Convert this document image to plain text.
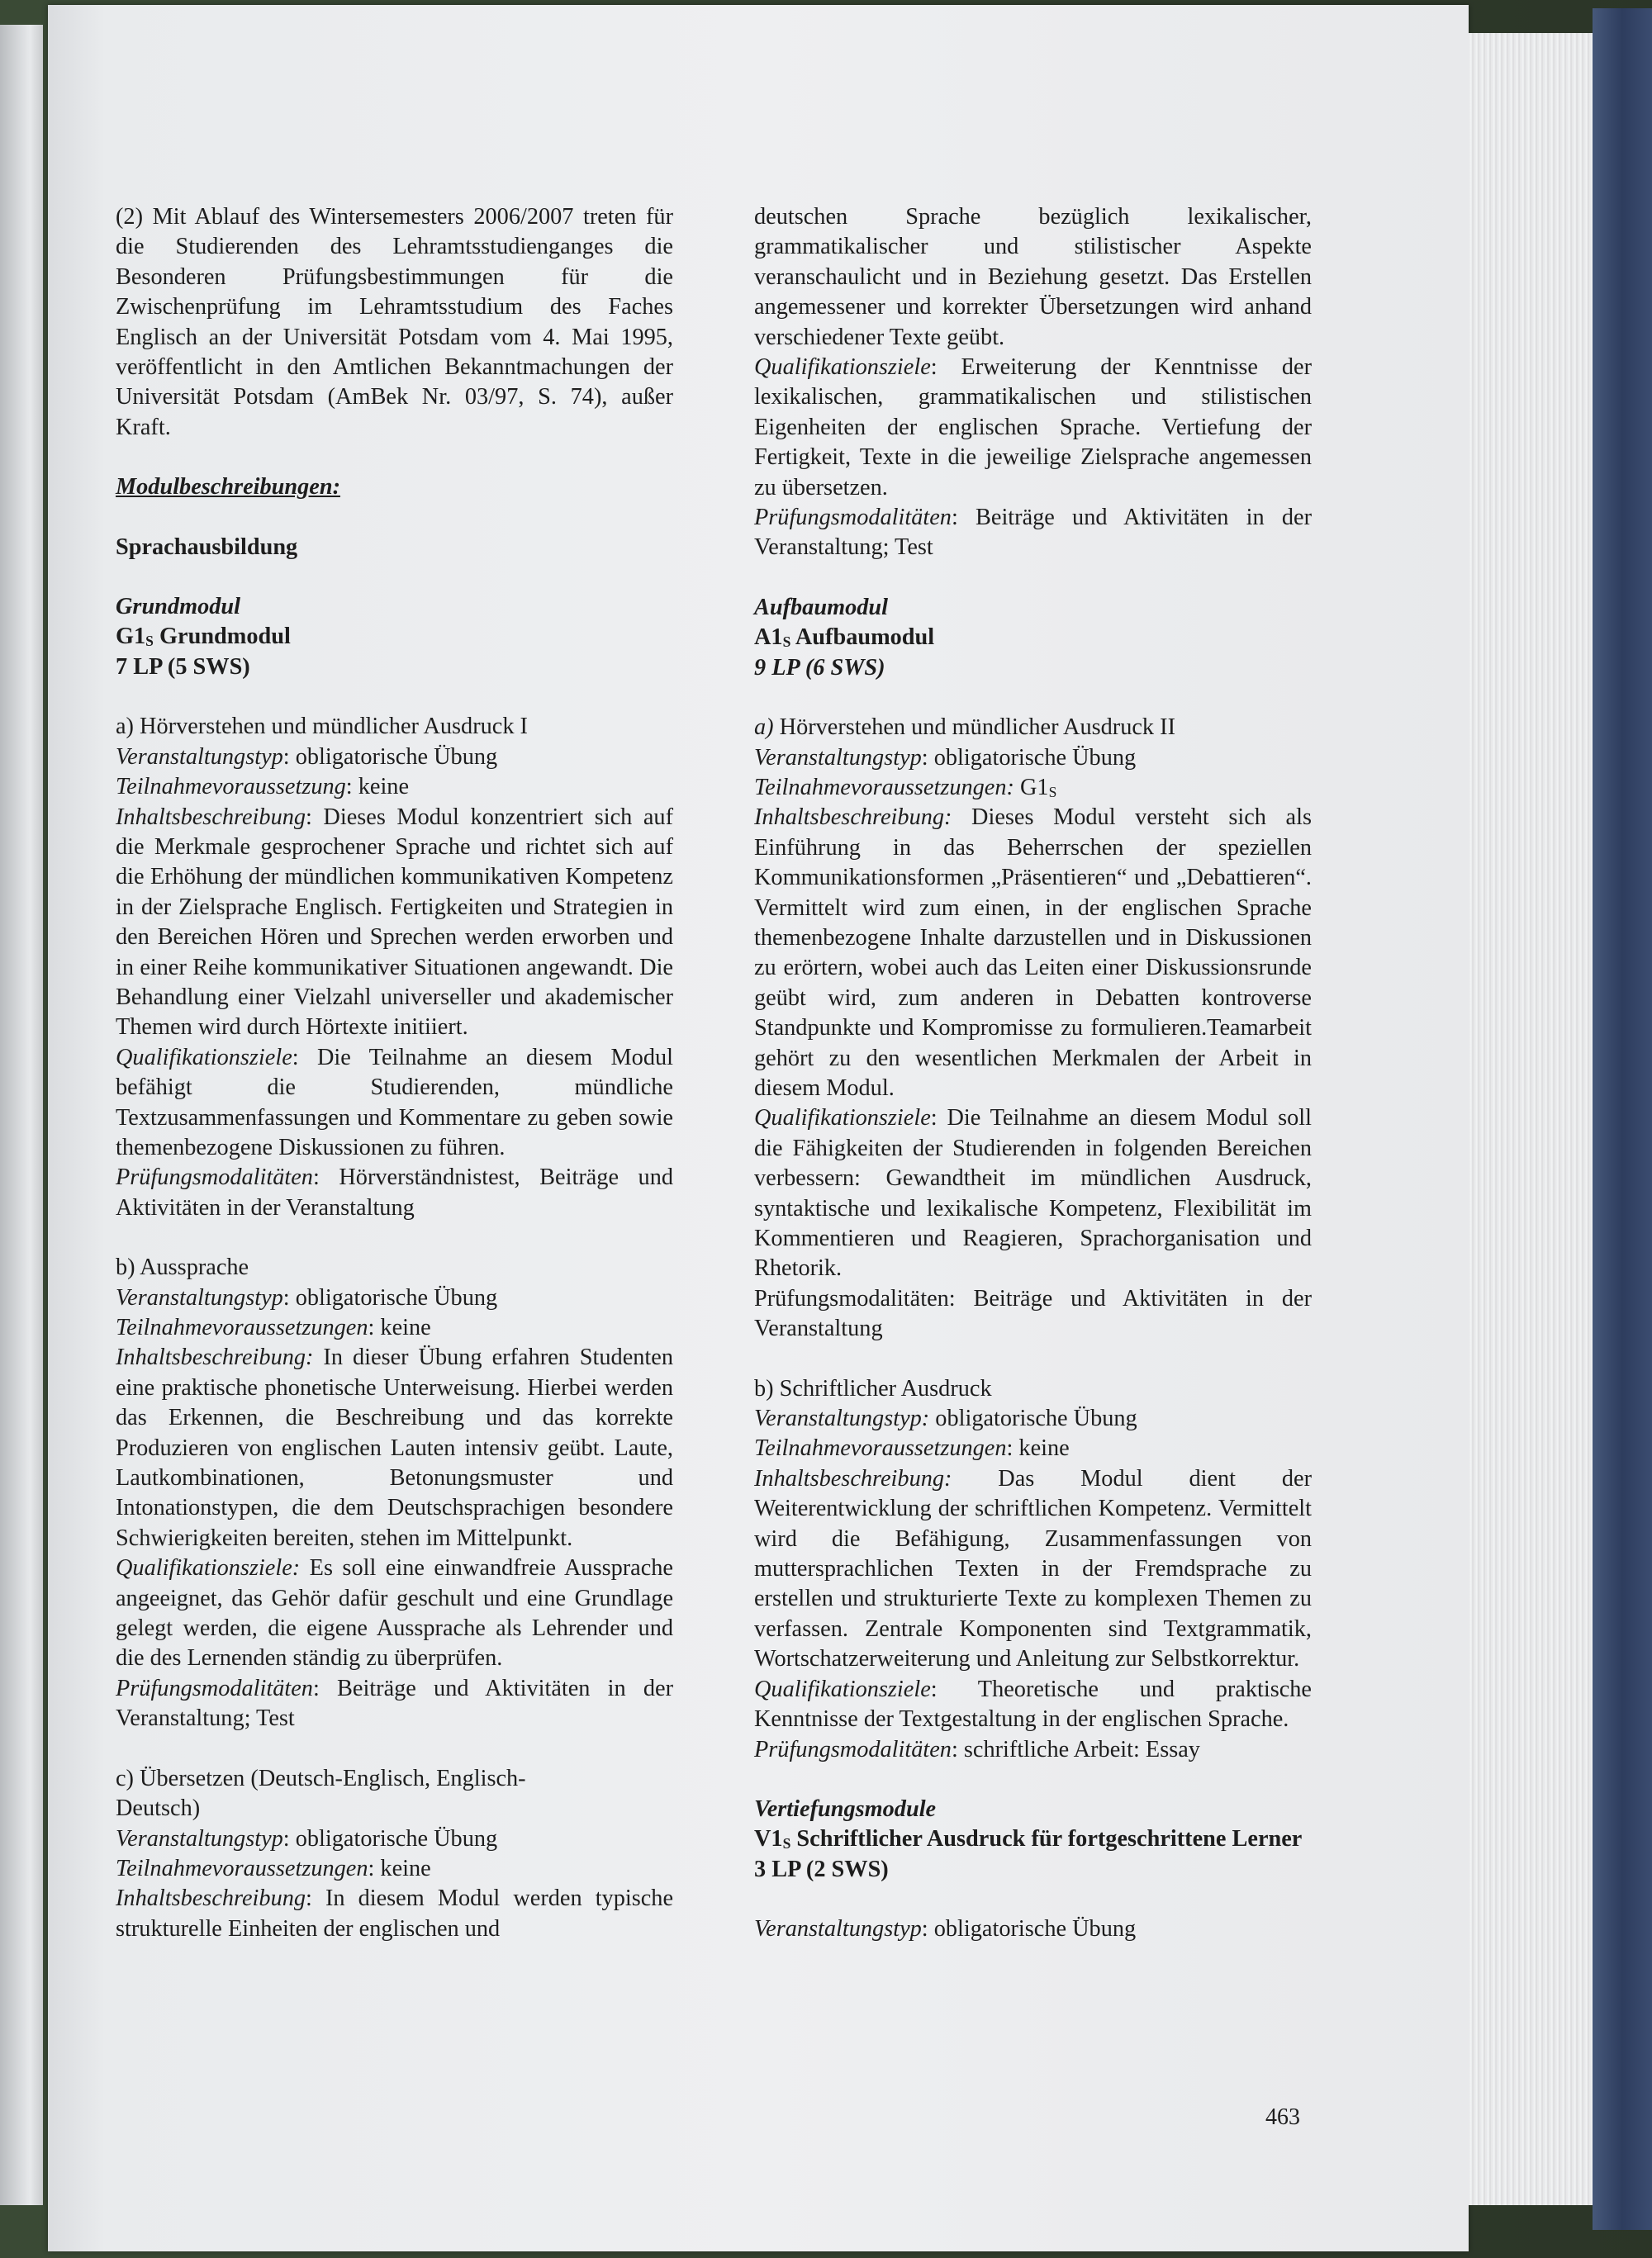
(2) Mit Ablauf des Wintersemesters 2006/2007 treten für die Studierenden des Lehramtsstudienganges die Besonderen Prüfungsbestimmungen für die Zwischenprüfung im Lehramtsstudium des Faches Englisch an der Universität Potsdam vom 4. Mai 1995, veröffentlicht in den Amtlichen Bekanntmachungen der Universität Potsdam (AmBek Nr. 03/97, S. 74), außer Kraft.

Modulbeschreibungen:

Sprachausbildung

Grundmodul

$G1_S$ Grundmodul

7 LP (5 SWS)

a) Hörverstehen und mündlicher Ausdruck I

Veranstaltungstyp: obligatorische Übung

Teilnahmevoraussetzung: keine

Inhaltsbeschreibung: Dieses Modul konzentriert sich auf die Merkmale gesprochener Sprache und richtet sich auf die Erhöhung der mündlichen kommunikativen Kompetenz in der Zielsprache Englisch. Fertigkeiten und Strategien in den Bereichen Hören und Sprechen werden erworben und in einer Reihe kommunikativer Situationen angewandt. Die Behandlung einer Vielzahl universeller und akademischer Themen wird durch Hörtexte initiiert.

Qualifikationsziele: Die Teilnahme an diesem Modul befähigt die Studierenden, mündliche Textzusammenfassungen und Kommentare zu geben sowie themenbezogene Diskussionen zu führen.

Prüfungsmodalitäten: Hörverständnistest, Beiträge und Aktivitäten in der Veranstaltung

b) Aussprache

Veranstaltungstyp: obligatorische Übung

Teilnahmevoraussetzungen: keine

Inhaltsbeschreibung: In dieser Übung erfahren Studenten eine praktische phonetische Unterweisung. Hierbei werden das Erkennen, die Beschreibung und das korrekte Produzieren von englischen Lauten intensiv geübt. Laute, Lautkombinationen, Betonungsmuster und Intonationstypen, die dem Deutschsprachigen besondere Schwierigkeiten bereiten, stehen im Mittelpunkt.

Qualifikationsziele: Es soll eine einwandfreie Aussprache angeeignet, das Gehör dafür geschult und eine Grundlage gelegt werden, die eigene Aussprache als Lehrender und die des Lernenden ständig zu überprüfen.

Prüfungsmodalitäten: Beiträge und Aktivitäten in der Veranstaltung; Test

c) Übersetzen (Deutsch-Englisch, Englisch-Deutsch)

Veranstaltungstyp: obligatorische Übung

Teilnahmevoraussetzungen: keine

Inhaltsbeschreibung: In diesem Modul werden typische strukturelle Einheiten der englischen und

deutschen Sprache bezüglich lexikalischer, grammatikalischer und stilistischer Aspekte veranschaulicht und in Beziehung gesetzt. Das Erstellen angemessener und korrekter Übersetzungen wird anhand verschiedener Texte geübt.

Qualifikationsziele: Erweiterung der Kenntnisse der lexikalischen, grammatikalischen und stilistischen Eigenheiten der englischen Sprache. Vertiefung der Fertigkeit, Texte in die jeweilige Zielsprache angemessen zu übersetzen.

Prüfungsmodalitäten: Beiträge und Aktivitäten in der Veranstaltung; Test

Aufbaumodul

$A1_S$ Aufbaumodul

9 LP (6 SWS)

a) Hörverstehen und mündlicher Ausdruck II

Veranstaltungstyp: obligatorische Übung

Teilnahmevoraussetzungen: $G1_S$

Inhaltsbeschreibung: Dieses Modul versteht sich als Einführung in das Beherrschen der speziellen Kommunikationsformen „Präsentieren“ und „Debattieren“. Vermittelt wird zum einen, in der englischen Sprache themenbezogene Inhalte darzustellen und in Diskussionen zu erörtern, wobei auch das Leiten einer Diskussionsrunde geübt wird, zum anderen in Debatten kontroverse Standpunkte und Kompromisse zu formulieren.Teamarbeit gehört zu den wesentlichen Merkmalen der Arbeit in diesem Modul.

Qualifikationsziele: Die Teilnahme an diesem Modul soll die Fähigkeiten der Studierenden in folgenden Bereichen verbessern: Gewandtheit im mündlichen Ausdruck, syntaktische und lexikalische Kompetenz, Flexibilität im Kommentieren und Reagieren, Sprachorganisation und Rhetorik.

Prüfungsmodalitäten: Beiträge und Aktivitäten in der Veranstaltung

b) Schriftlicher Ausdruck

Veranstaltungstyp: obligatorische Übung

Teilnahmevoraussetzungen: keine

Inhaltsbeschreibung: Das Modul dient der Weiterentwicklung der schriftlichen Kompetenz. Vermittelt wird die Befähigung, Zusammenfassungen von muttersprachlichen Texten in der Fremdsprache zu erstellen und strukturierte Texte zu komplexen Themen zu verfassen. Zentrale Komponenten sind Textgrammatik, Wortschatzerweiterung und Anleitung zur Selbstkorrektur.

Qualifikationsziele: Theoretische und praktische Kenntnisse der Textgestaltung in der englischen Sprache.

Prüfungsmodalitäten: schriftliche Arbeit: Essay

Vertiefungsmodule

$V1_S$ Schriftlicher Ausdruck für fortgeschrittene Lerner

3 LP (2 SWS)

Veranstaltungstyp: obligatorische Übung

463
